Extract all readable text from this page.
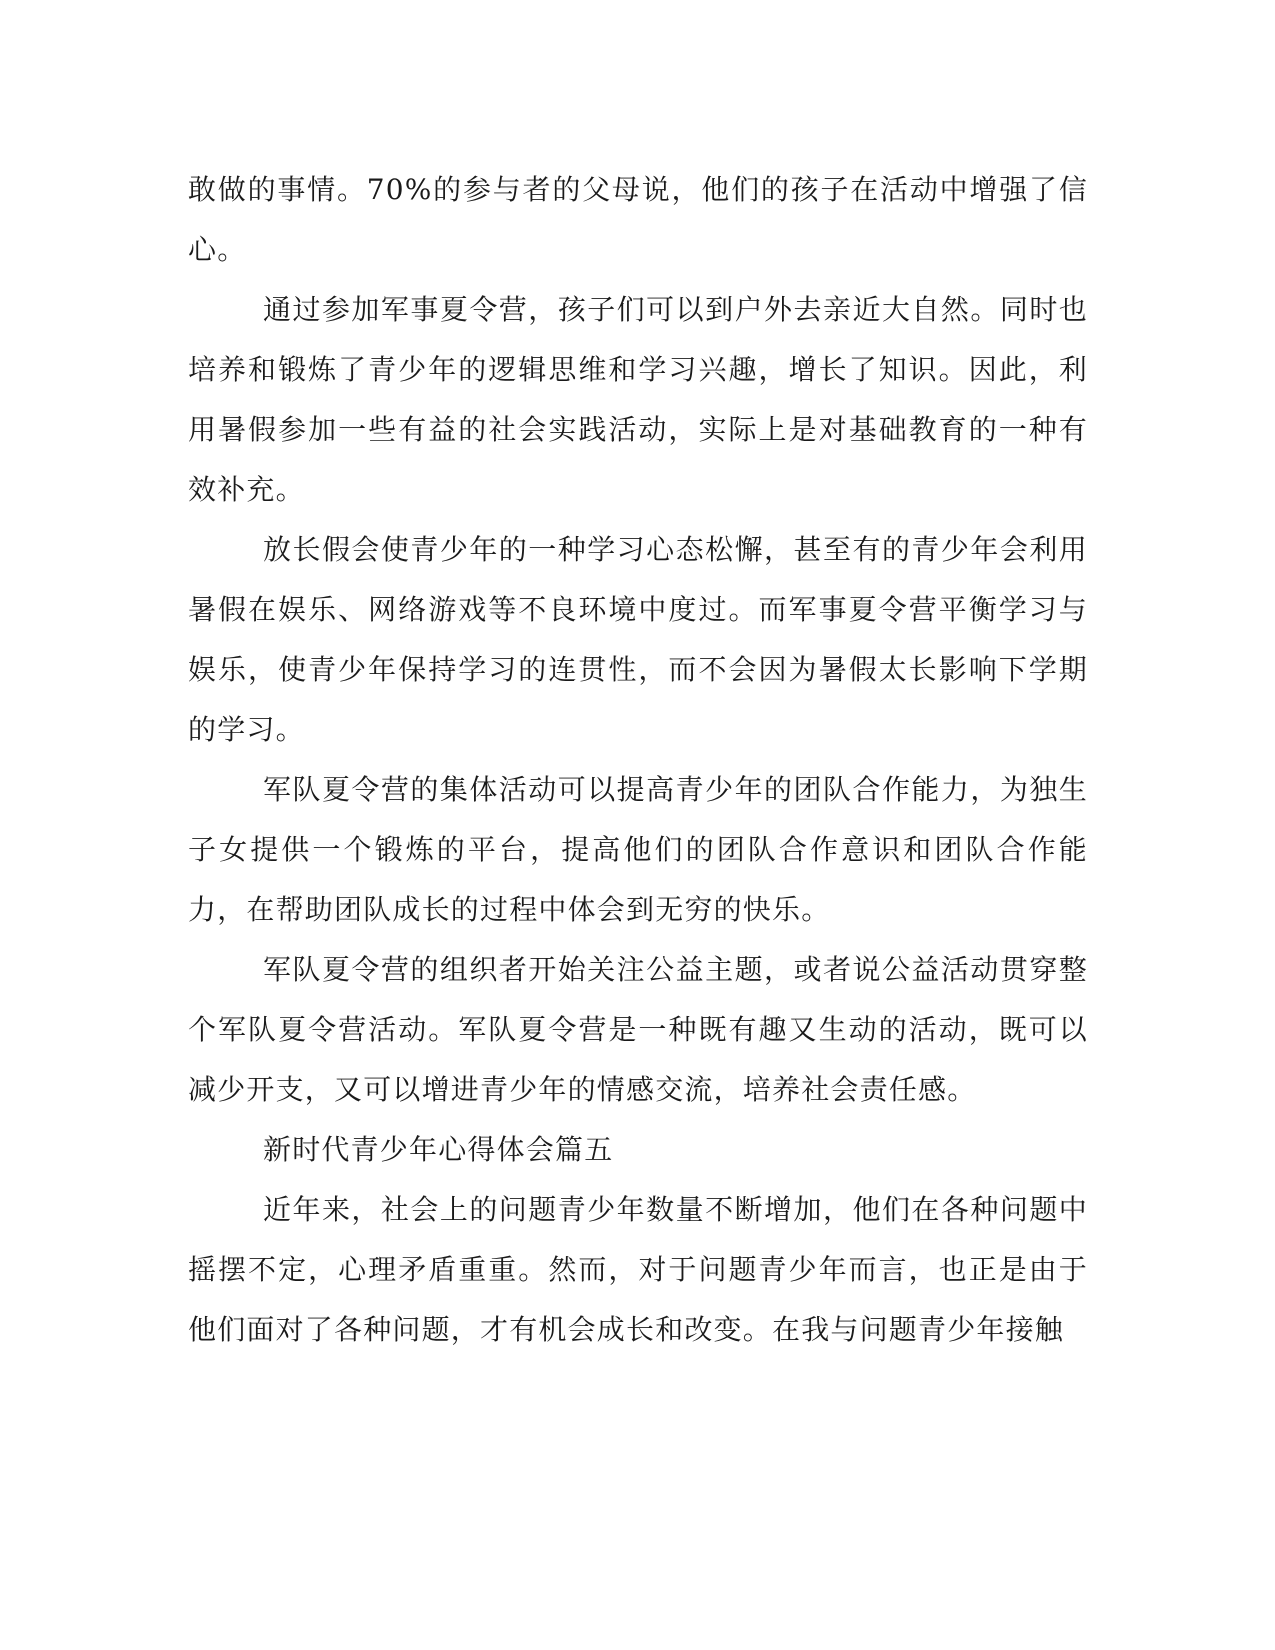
敢做的事情。70%的参与者的父母说，他们的孩子在活动中增强了信心。

通过参加军事夏令营，孩子们可以到户外去亲近大自然。同时也培养和锻炼了青少年的逻辑思维和学习兴趣，增长了知识。因此，利用暑假参加一些有益的社会实践活动，实际上是对基础教育的一种有效补充。

放长假会使青少年的一种学习心态松懈，甚至有的青少年会利用暑假在娱乐、网络游戏等不良环境中度过。而军事夏令营平衡学习与娱乐，使青少年保持学习的连贯性，而不会因为暑假太长影响下学期的学习。

军队夏令营的集体活动可以提高青少年的团队合作能力，为独生子女提供一个锻炼的平台，提高他们的团队合作意识和团队合作能力，在帮助团队成长的过程中体会到无穷的快乐。

军队夏令营的组织者开始关注公益主题，或者说公益活动贯穿整个军队夏令营活动。军队夏令营是一种既有趣又生动的活动，既可以减少开支，又可以增进青少年的情感交流，培养社会责任感。

新时代青少年心得体会篇五

近年来，社会上的问题青少年数量不断增加，他们在各种问题中摇摆不定，心理矛盾重重。然而，对于问题青少年而言，也正是由于他们面对了各种问题，才有机会成长和改变。在我与问题青少年接触
